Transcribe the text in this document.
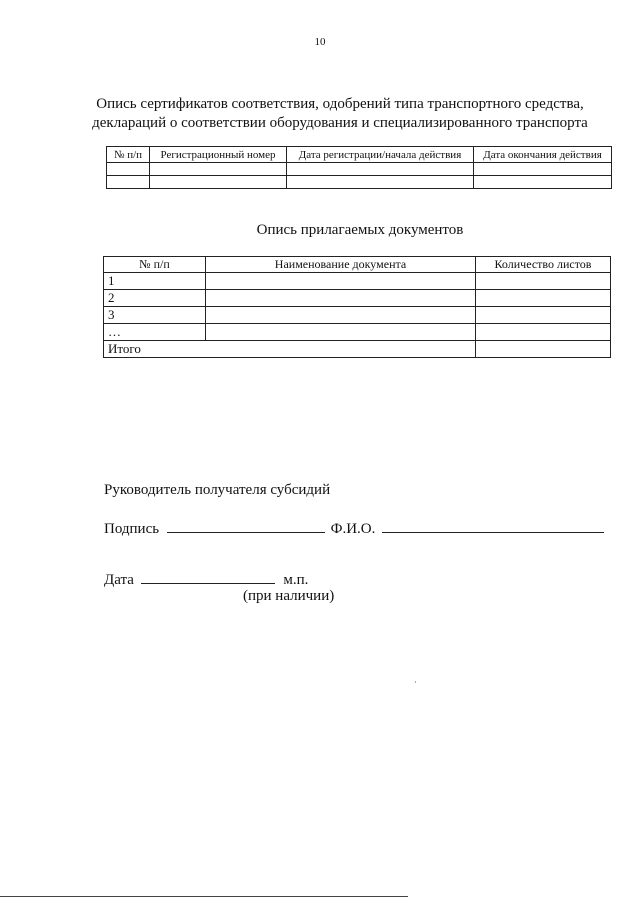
10
Опись сертификатов соответствия, одобрений типа транспортного средства,
деклараций о соответствии оборудования и специализированного транспорта
№ п/п	Регистрационный номер	Дата регистрации/начала действия	Дата окончания действия

Опись прилагаемых документов
№ п/п	Наименование документа	Количество листов
1		
2		
3		
…		
Итого		
Руководитель получателя субсидий
Подпись	Ф.И.О.
Дата	м.п.
(при наличии)
